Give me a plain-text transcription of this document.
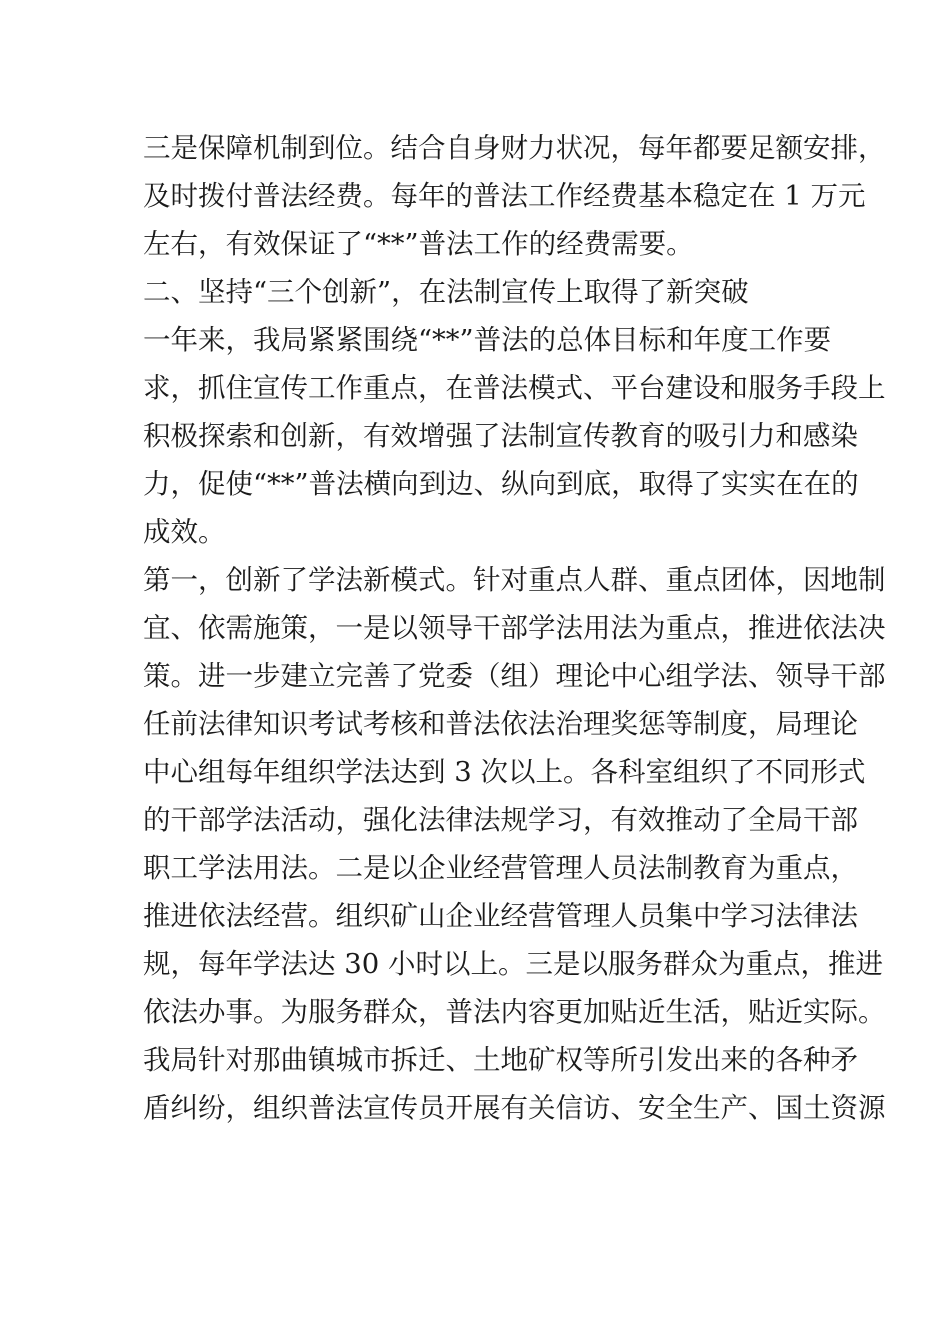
三是保障机制到位。结合自身财力状况，每年都要足额安排，
及时拨付普法经费。每年的普法工作经费基本稳定在 1 万元
左右，有效保证了“**”普法工作的经费需要。
二、坚持“三个创新”，在法制宣传上取得了新突破
一年来，我局紧紧围绕“**”普法的总体目标和年度工作要
求，抓住宣传工作重点，在普法模式、平台建设和服务手段上
积极探索和创新，有效增强了法制宣传教育的吸引力和感染
力，促使“**”普法横向到边、纵向到底，取得了实实在在的
成效。
第一，创新了学法新模式。针对重点人群、重点团体，因地制
宜、依需施策，一是以领导干部学法用法为重点，推进依法决
策。进一步建立完善了党委（组）理论中心组学法、领导干部
任前法律知识考试考核和普法依法治理奖惩等制度，局理论
中心组每年组织学法达到 3 次以上。各科室组织了不同形式
的干部学法活动，强化法律法规学习，有效推动了全局干部
职工学法用法。二是以企业经营管理人员法制教育为重点，
推进依法经营。组织矿山企业经营管理人员集中学习法律法
规，每年学法达 30 小时以上。三是以服务群众为重点，推进
依法办事。为服务群众，普法内容更加贴近生活，贴近实际。
我局针对那曲镇城市拆迁、土地矿权等所引发出来的各种矛
盾纠纷，组织普法宣传员开展有关信访、安全生产、国土资源
